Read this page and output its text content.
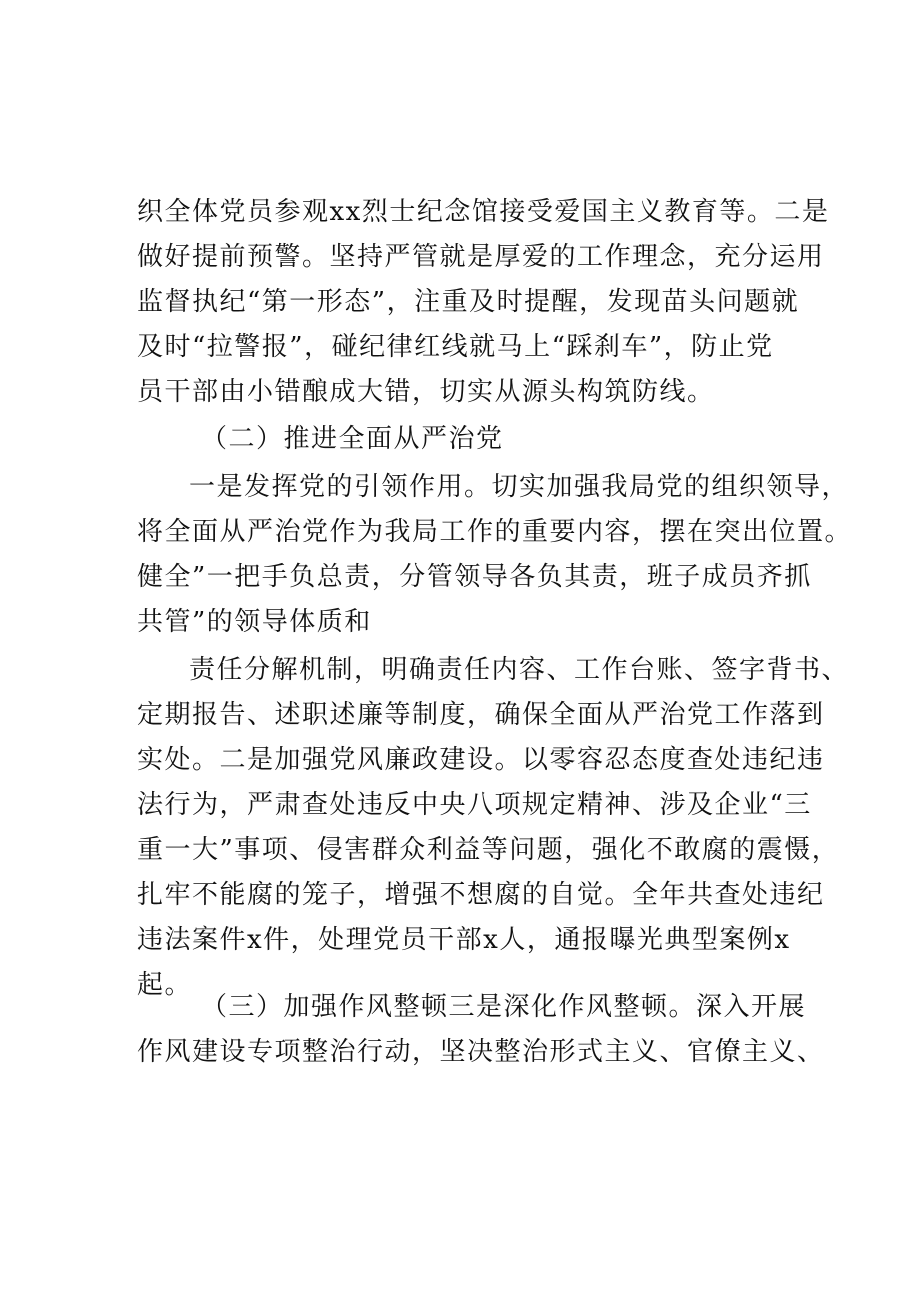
织全体党员参观xx烈士纪念馆接受爱国主义教育等。二是
做好提前预警。坚持严管就是厚爱的工作理念，充分运用
监督执纪“第一形态”，注重及时提醒，发现苗头问题就
及时“拉警报”，碰纪律红线就马上“踩刹车”，防止党
员干部由小错酿成大错，切实从源头构筑防线。
（二）推进全面从严治党
一是发挥党的引领作用。切实加强我局党的组织领导，
将全面从严治党作为我局工作的重要内容，摆在突出位置。
健全”一把手负总责，分管领导各负其责，班子成员齐抓
共管”的领导体质和
责任分解机制，明确责任内容、工作台账、签字背书、
定期报告、述职述廉等制度，确保全面从严治党工作落到
实处。二是加强党风廉政建设。以零容忍态度查处违纪违
法行为，严肃查处违反中央八项规定精神、涉及企业“三
重一大”事项、侵害群众利益等问题，强化不敢腐的震慑，
扎牢不能腐的笼子，增强不想腐的自觉。全年共查处违纪
违法案件x件，处理党员干部x人，通报曝光典型案例x
起。
（三）加强作风整顿三是深化作风整顿。深入开展
作风建设专项整治行动，坚决整治形式主义、官僚主义、
